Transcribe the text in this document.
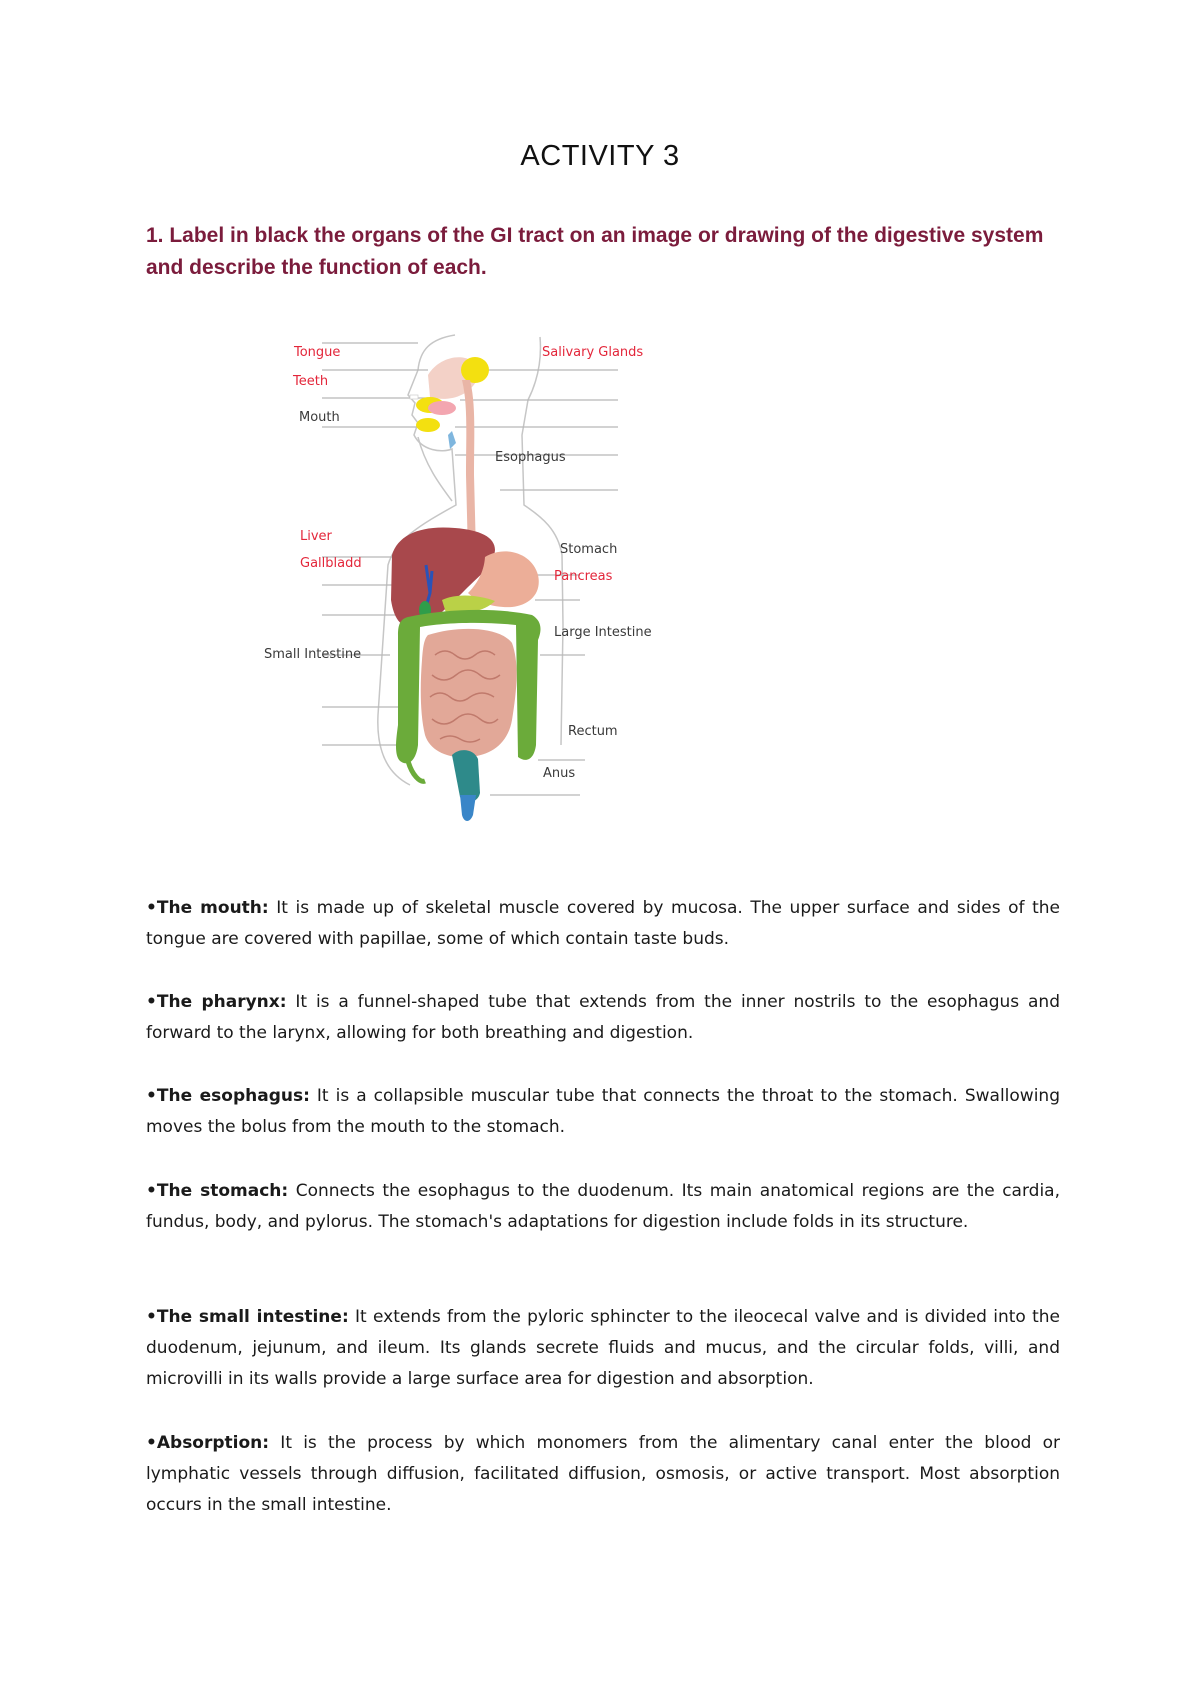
ACTIVITY 3
1. Label in black the organs of the GI tract on an image or drawing of the digestive system and describe the function of each.
Tongue
Teeth
Mouth
Salivary Glands
Esophagus
Liver
Gallbladd
Stomach
Pancreas
Large Intestine
Small Intestine
Rectum
Anus
•The mouth: It is made up of skeletal muscle covered by mucosa. The upper surface and sides of the tongue are covered with papillae, some of which contain taste buds.
•The pharynx: It is a funnel-shaped tube that extends from the inner nostrils to the esophagus and forward to the larynx, allowing for both breathing and digestion.
•The esophagus: It is a collapsible muscular tube that connects the throat to the stomach. Swallowing moves the bolus from the mouth to the stomach.
•The stomach: Connects the esophagus to the duodenum. Its main anatomical regions are the cardia, fundus, body, and pylorus. The stomach's adaptations for digestion include folds in its structure.
•The small intestine: It extends from the pyloric sphincter to the ileocecal valve and is divided into the duodenum, jejunum, and ileum. Its glands secrete fluids and mucus, and the circular folds, villi, and microvilli in its walls provide a large surface area for digestion and absorption.
•Absorption: It is the process by which monomers from the alimentary canal enter the blood or lymphatic vessels through diffusion, facilitated diffusion, osmosis, or active transport. Most absorption occurs in the small intestine.
